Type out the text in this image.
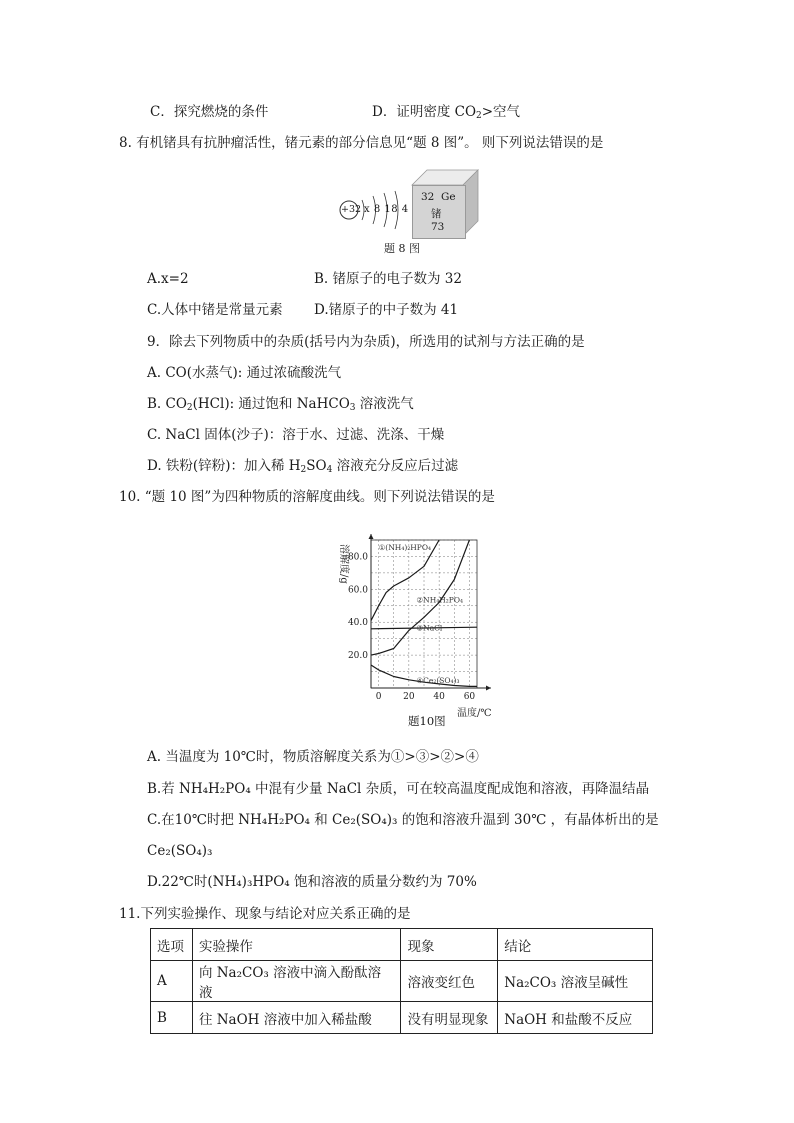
C．探究燃烧的条件	D．证明密度 $CO_2>$空气
8. 有机锗具有抗肿瘤活性，锗元素的部分信息见“题 8 图”。 则下列说法错误的是
+32 x 8 18 4
32 Ge
锗
73
题 8 图
A.x=2	B. 锗原子的电子数为 32
C.人体中锗是常量元素 D.锗原子的中子数为 41
9．除去下列物质中的杂质(括号内为杂质)，所选用的试剂与方法正确的是
A. CO(水蒸气): 通过浓硫酸洗气
B. $CO_2(HCl)$: 通过饱和 NaHCO$_3$ 溶液洗气
C. NaCl 固体(沙子)：溶于水、过滤、洗涤、干燥
D. 铁粉(锌粉)：加入稀 $H_2SO_4$ 溶液充分反应后过滤
10. “题 10 图”为四种物质的溶解度曲线。则下列说法错误的是
0 20 40 60
20.0
40.0
60.0
80.0
①(NH₄)₂HPO₄
②NH₄H₂PO₄
③NaCl
④Ce₂(SO₄)₃
溶解度/g
温度/℃
题10图
A. 当温度为 10℃时，物质溶解度关系为①>③>②>④
B.若 NH₄H₂PO₄ 中混有少量 NaCl 杂质，可在较高温度配成饱和溶液，再降温结晶
C.在10℃时把 NH₄H₂PO₄ 和 Ce₂(SO₄)₃ 的饱和溶液升温到 30℃ ，有晶体析出的是
Ce₂(SO₄)₃
D.22℃时(NH₄)₃HPO₄ 饱和溶液的质量分数约为 70%
11.下列实验操作、现象与结论对应关系正确的是
选项	实验操作	现象	结论
A	向 Na₂CO₃ 溶液中滴入酚酞溶液	溶液变红色	Na₂CO₃ 溶液呈碱性
B	往 NaOH 溶液中加入稀盐酸	没有明显现象	NaOH 和盐酸不反应
